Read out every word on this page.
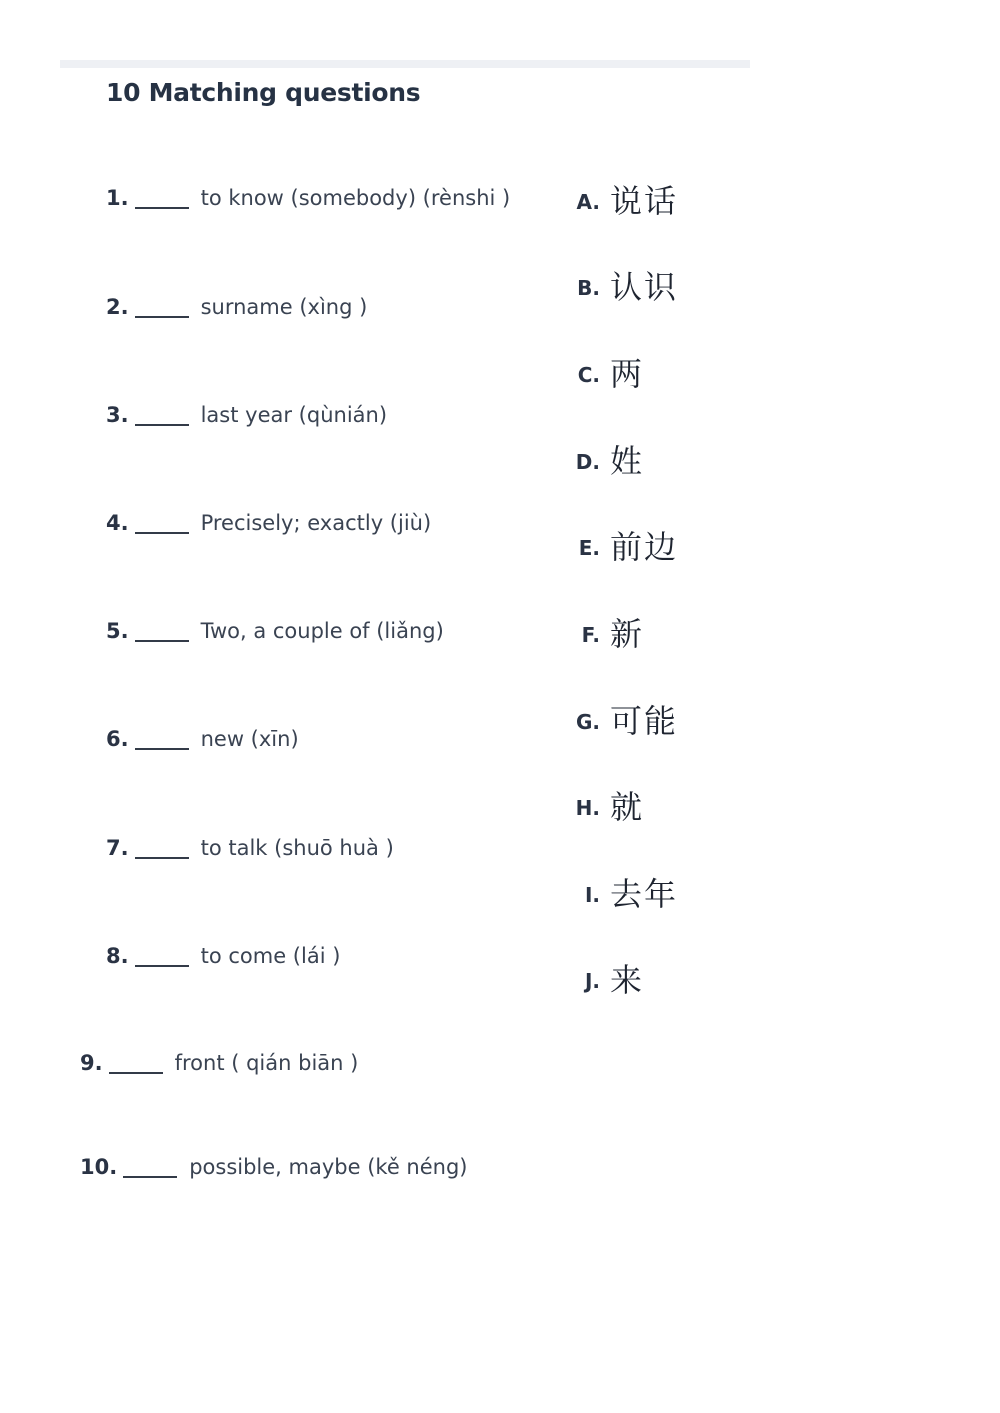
10 Matching questions
1.	to know (somebody) (rènshi )
2.	surname (xìng )
3.	last year (qùnián)
4.	Precisely; exactly (jiù)
5.	Two, a couple of (liǎng)
6.	new (xīn)
7.	to talk (shuō huà )
8.	to come (lái )
9.	front ( qián biān )
10.	possible, maybe (kě néng)
A. 说话
B. 认识
C. 两
D. 姓
E. 前边
F. 新
G. 可能
H. 就
I. 去年
J. 来
